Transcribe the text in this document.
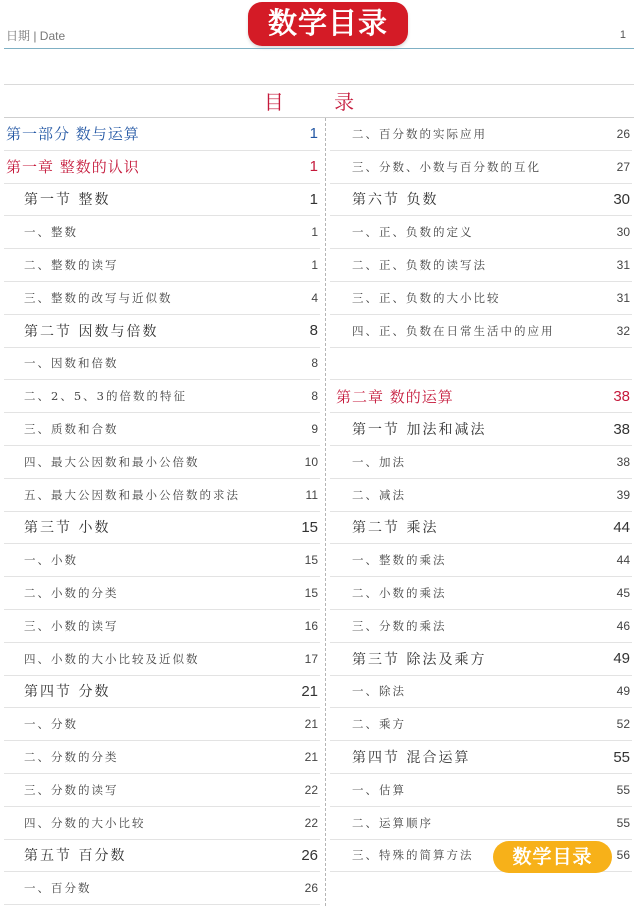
日期 | Date	数学目录	1
目 录
第一部分 数与运算	1
第一章 整数的认识	1
第一节 整数	1
一、整数	1
二、整数的读写	1
三、整数的改写与近似数	4
第二节 因数与倍数	8
一、因数和倍数	8
二、2、5、3的倍数的特征	8
三、质数和合数	9
四、最大公因数和最小公倍数	10
五、最大公因数和最小公倍数的求法	11
第三节 小数	15
一、小数	15
二、小数的分类	15
三、小数的读写	16
四、小数的大小比较及近似数	17
第四节 分数	21
一、分数	21
二、分数的分类	21
三、分数的读写	22
四、分数的大小比较	22
第五节 百分数	26
一、百分数	26
二、百分数的实际应用	26
三、分数、小数与百分数的互化	27
第六节 负数	30
一、正、负数的定义	30
二、正、负数的读写法	31
三、正、负数的大小比较	31
四、正、负数在日常生活中的应用	32
第二章 数的运算	38
第一节 加法和减法	38
一、加法	38
二、减法	39
第二节 乘法	44
一、整数的乘法	44
二、小数的乘法	45
三、分数的乘法	46
第三节 除法及乘方	49
一、除法	49
二、乘方	52
第四节 混合运算	55
一、估算	55
二、运算顺序	55
三、特殊的简算方法	56
数学目录
